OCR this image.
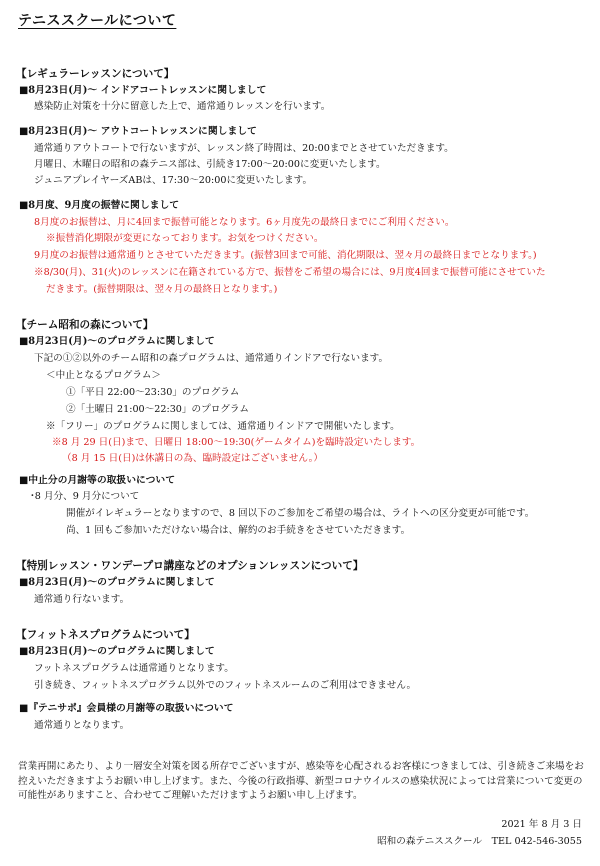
テニススクールについて
【レギュラーレッスンについて】
■8月23日(月)～ インドアコートレッスンに関しまして
感染防止対策を十分に留意した上で、通常通りレッスンを行います。
■8月23日(月)～ アウトコートレッスンに関しまして
通常通りアウトコートで行ないますが、レッスン終了時間は、20:00までとさせていただきます。
月曜日、木曜日の昭和の森テニス部は、引続き17:00～20:00に変更いたします。
ジュニアプレイヤーズABは、17:30～20:00に変更いたします。
■8月度、9月度の振替に関しまして
8月度のお振替は、月に4回まで振替可能となります。6ヶ月度先の最終日までにご利用ください。
※振替消化期限が変更になっております。お気をつけください。
9月度のお振替は通常通りとさせていただきます。(振替3回まで可能、消化期限は、翌々月の最終日までとなります。)
※8/30(月)、31(火)のレッスンに在籍されている方で、振替をご希望の場合には、9月度4回まで振替可能にさせていた
だきます。(振替期限は、翌々月の最終日となります。)
【チーム昭和の森について】
■8月23日(月)～のプログラムに関しまして
下記の①②以外のチーム昭和の森プログラムは、通常通りインドアで行ないます。
＜中止となるプログラム＞
①「平日 22:00～23:30」のプログラム
②「土曜日 21:00～22:30」のプログラム
※「フリー」のプログラムに関しましては、通常通りインドアで開催いたします。
※8 月 29 日(日)まで、日曜日 18:00～19:30(ゲームタイム)を臨時設定いたします。
（8 月 15 日(日)は休講日の為、臨時設定はございません。）
■中止分の月謝等の取扱いについて
･8 月分、9 月分について
開催がイレギュラーとなりますので、8 回以下のご参加をご希望の場合は、ライトへの区分変更が可能です。
尚、1 回もご参加いただけない場合は、解約のお手続きをさせていただきます。
【特別レッスン・ワンデープロ講座などのオプションレッスンについて】
■8月23日(月)～のプログラムに関しまして
通常通り行ないます。
【フィットネスプログラムについて】
■8月23日(月)～のプログラムに関しまして
フットネスプログラムは通常通りとなります。
引き続き、フィットネスプログラム以外でのフィットネスルームのご利用はできません。
■『テニサポ』会員様の月謝等の取扱いについて
通常通りとなります。
営業再開にあたり、より一層安全対策を図る所存でございますが、感染等を心配されるお客様につきましては、引き続きご来場をお控えいただきますようお願い申し上げます。また、今後の行政指導、新型コロナウイルスの感染状況によっては営業について変更の可能性がありますこと、合わせてご理解いただけますようお願い申し上げます。
2021 年 8 月 3 日
昭和の森テニススクール　TEL 042-546-3055
